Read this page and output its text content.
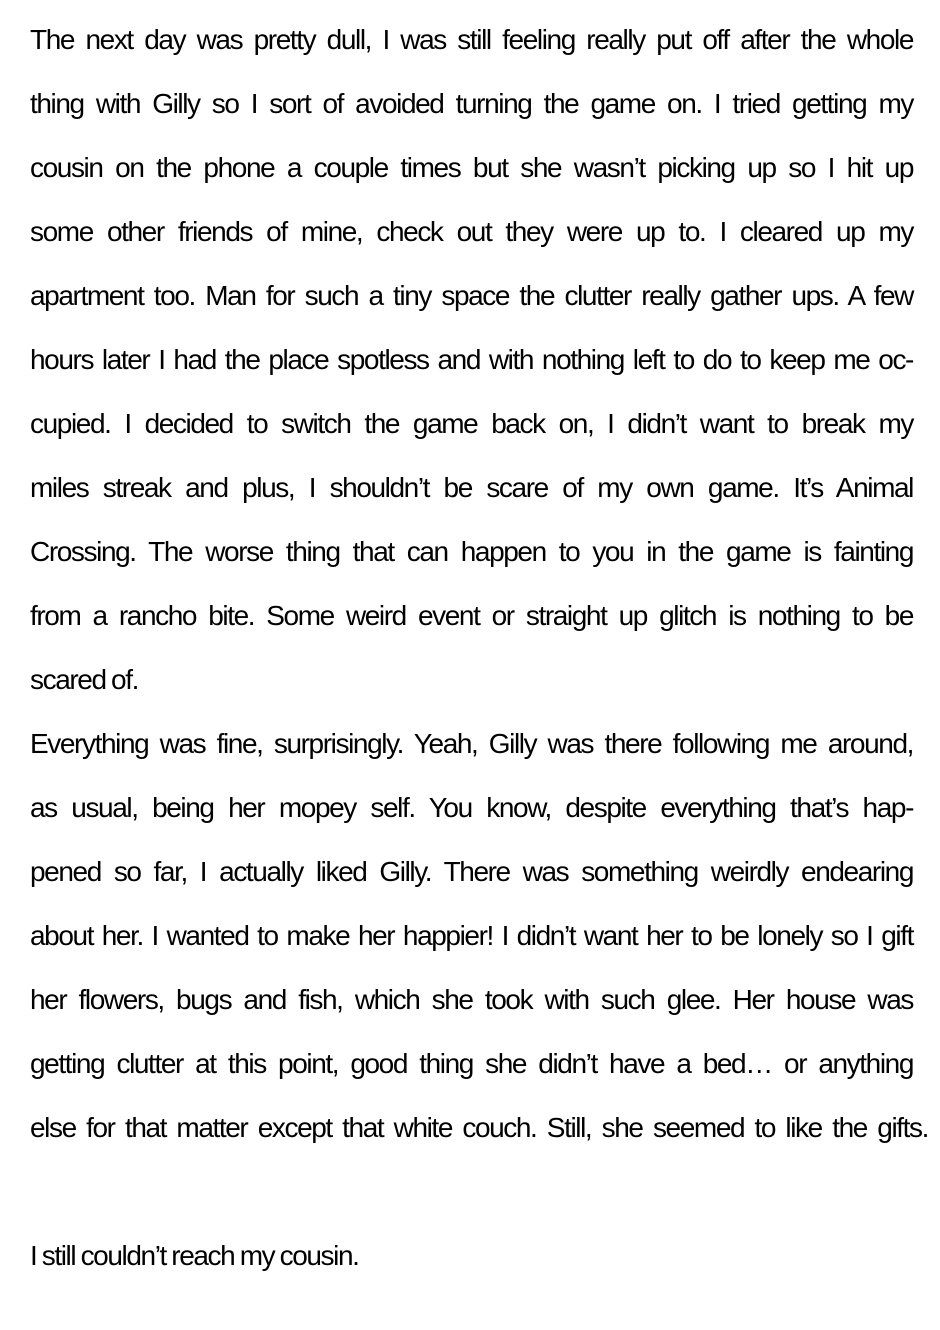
The next day was pretty dull, I was still feeling really put off after the whole
thing with Gilly so I sort of avoided turning the game on. I tried getting my
cousin on the phone a couple times but she wasn’t picking up so I hit up
some other friends of mine, check out they were up to. I cleared up my
apartment too. Man for such a tiny space the clutter really gather ups. A few
hours later I had the place spotless and with nothing left to do to keep me oc-
cupied. I decided to switch the game back on, I didn’t want to break my
miles streak and plus, I shouldn’t be scare of my own game. It’s Animal
Crossing. The worse thing that can happen to you in the game is fainting
from a rancho bite. Some weird event or straight up glitch is nothing to be
scared of.
Everything was fine, surprisingly. Yeah, Gilly was there following me around,
as usual, being her mopey self. You know, despite everything that’s hap-
pened so far, I actually liked Gilly. There was something weirdly endearing
about her. I wanted to make her happier! I didn’t want her to be lonely so I gift
her flowers, bugs and fish, which she took with such glee. Her house was
getting clutter at this point, good thing she didn’t have a bed… or anything
else for that matter except that white couch. Still, she seemed to like the gifts.
I still couldn’t reach my cousin.
